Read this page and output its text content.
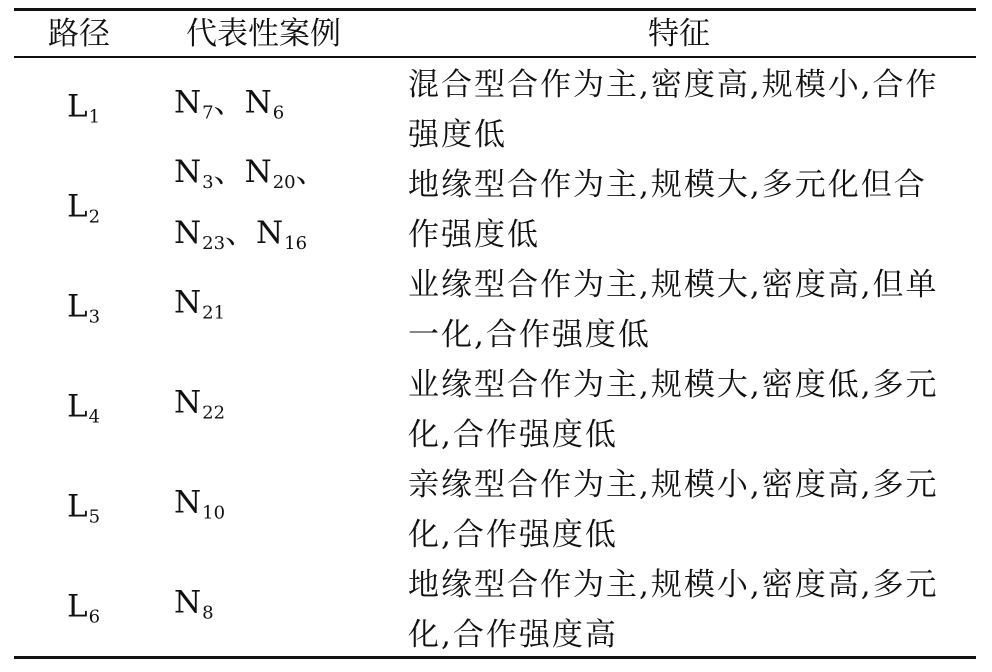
路径 代表性案例	特征
$L_1$ $N_7$、$N_6$
混合型合作为主,密度高,规模小,合作
强度低
$L_2$
$N_3$、$N_{20}$、
$N_{23}$、$N_{16}$
地缘型合作为主,规模大,多元化但合
作强度低
$L_3$ $N_{21}$
业缘型合作为主,规模大,密度高,但单
一化,合作强度低
$L_4$ $N_{22}$
业缘型合作为主,规模大,密度低,多元
化,合作强度低
$L_5$ $N_{10}$
亲缘型合作为主,规模小,密度高,多元
化,合作强度低
$L_6$ $N_8$
地缘型合作为主,规模小,密度高,多元
化,合作强度高
